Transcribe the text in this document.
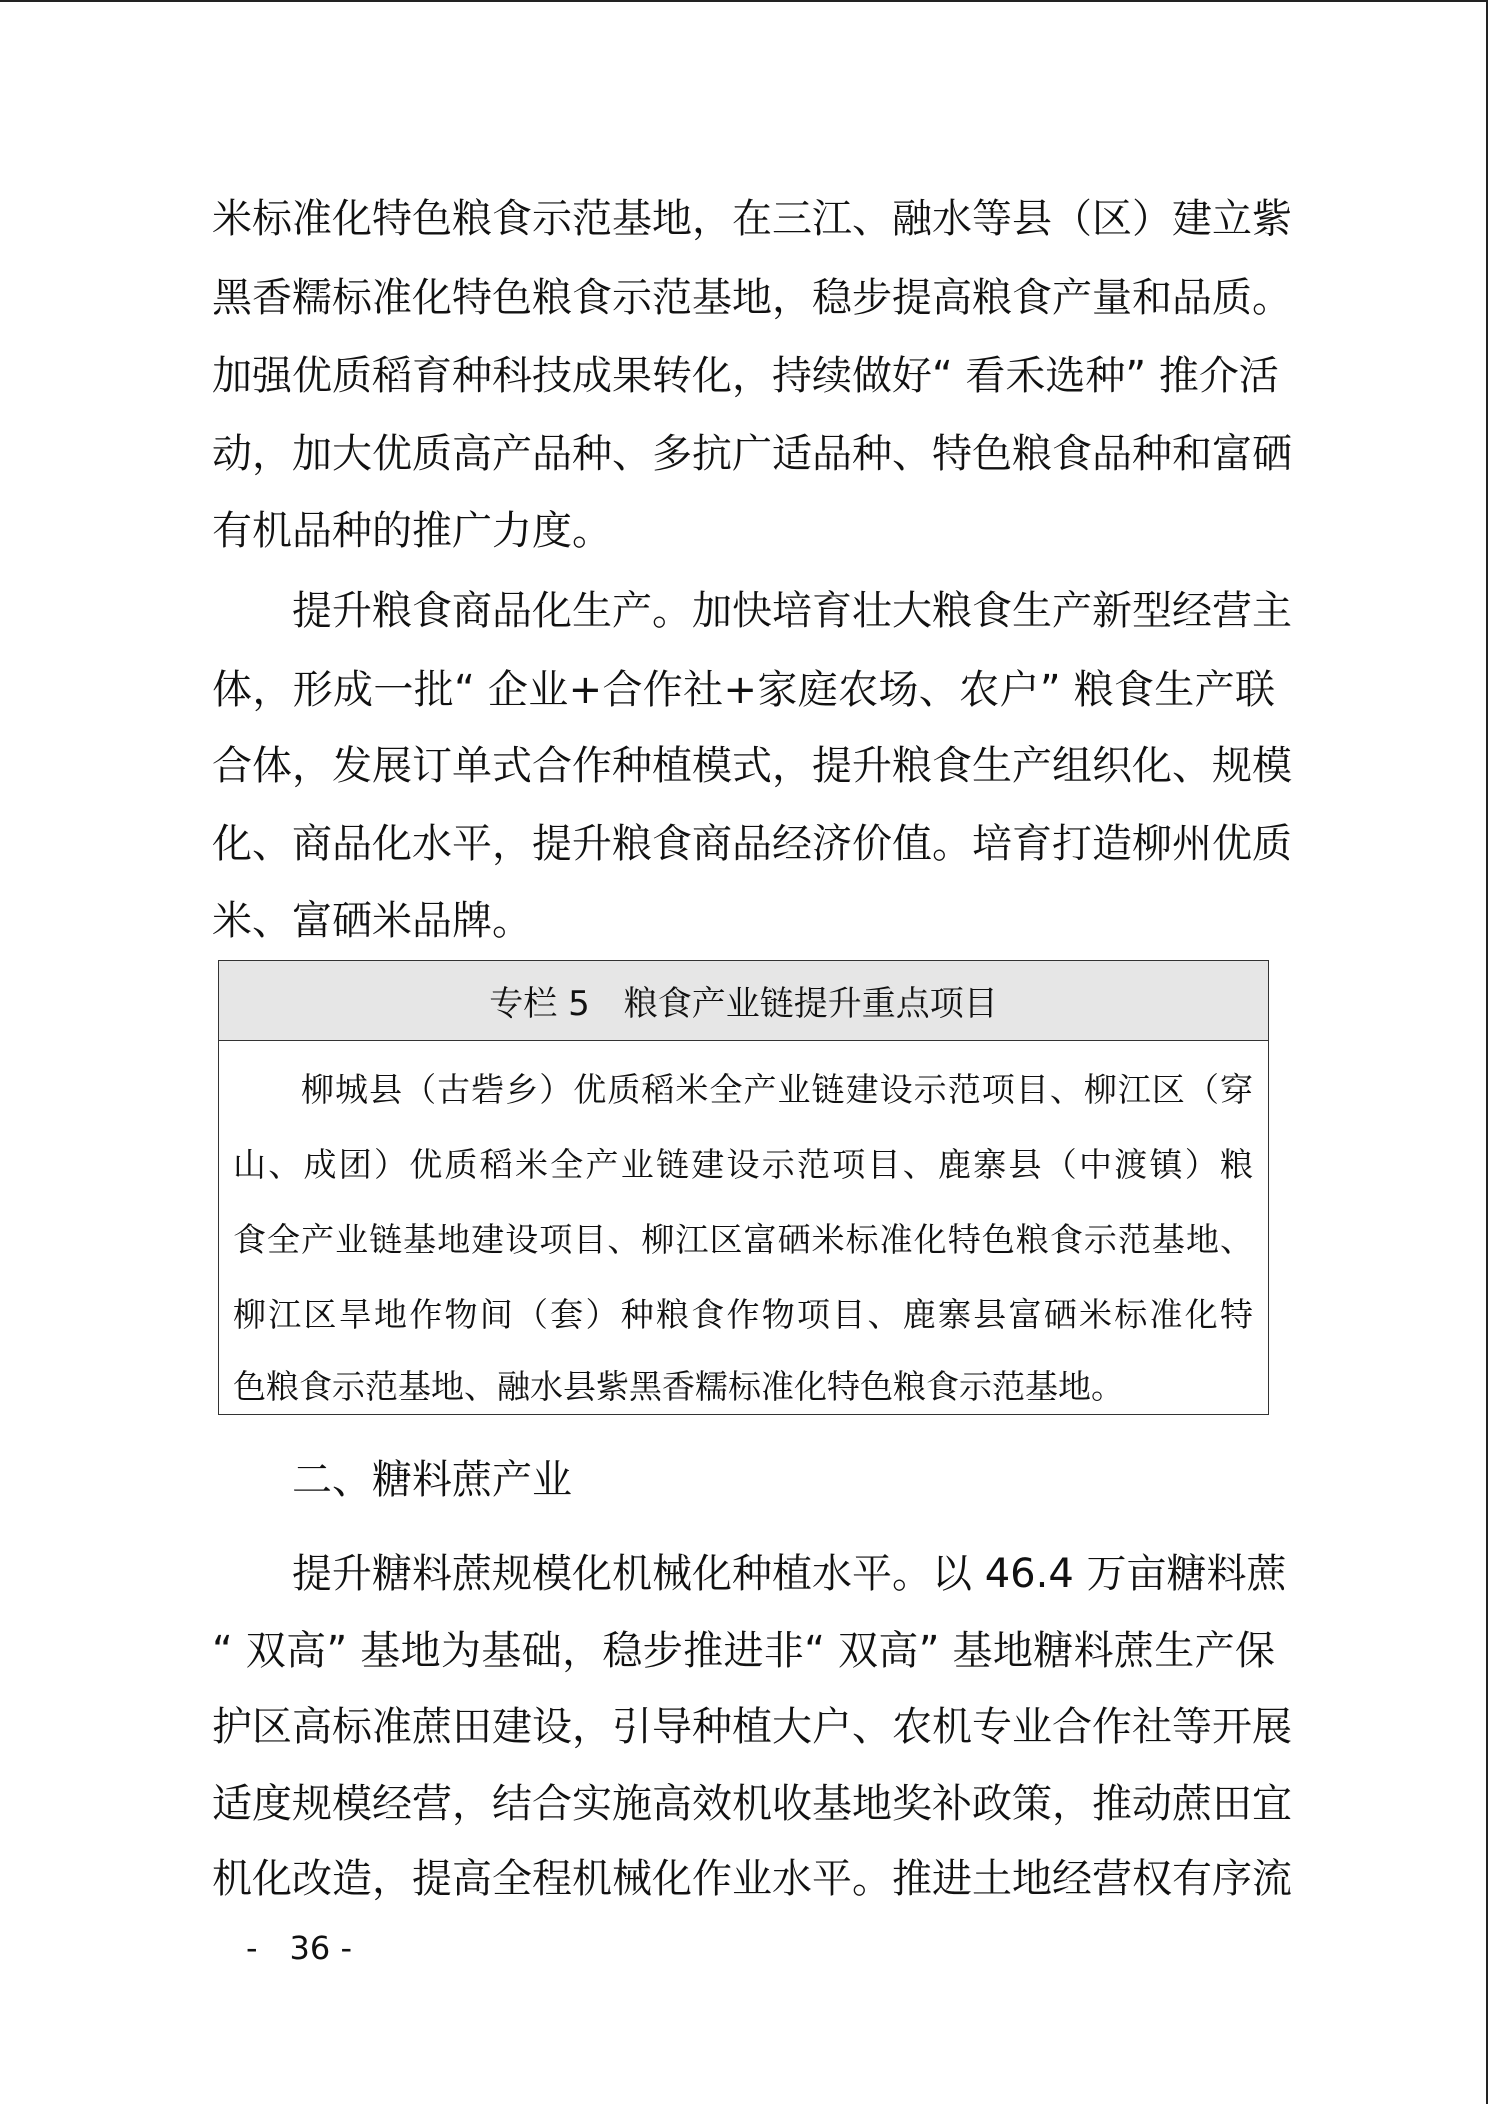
米标准化特色粮食示范基地，在三江、融水等县（区）建立紫
黑香糯标准化特色粮食示范基地，稳步提高粮食产量和品质。
加强优质稻育种科技成果转化，持续做好“ 看禾选种” 推介活
动，加大优质高产品种、多抗广适品种、特色粮食品种和富硒
有机品种的推广力度。
提升粮食商品化生产。加快培育壮大粮食生产新型经营主
体，形成一批“ 企业+合作社+家庭农场、农户” 粮食生产联
合体，发展订单式合作种植模式，提升粮食生产组织化、规模
化、商品化水平，提升粮食商品经济价值。培育打造柳州优质
米、富硒米品牌。
专栏 5　粮食产业链提升重点项目
柳城县（古砦乡）优质稻米全产业链建设示范项目、柳江区（穿
山、成团）优质稻米全产业链建设示范项目、鹿寨县（中渡镇）粮
食全产业链基地建设项目、柳江区富硒米标准化特色粮食示范基地、
柳江区旱地作物间（套）种粮食作物项目、鹿寨县富硒米标准化特
色粮食示范基地、融水县紫黑香糯标准化特色粮食示范基地。
二、糖料蔗产业
提升糖料蔗规模化机械化种植水平。以 46.4 万亩糖料蔗
“ 双高” 基地为基础，稳步推进非“ 双高” 基地糖料蔗生产保
护区高标准蔗田建设，引导种植大户、农机专业合作社等开展
适度规模经营，结合实施高效机收基地奖补政策，推动蔗田宜
机化改造，提高全程机械化作业水平。推进土地经营权有序流
-　36 -
